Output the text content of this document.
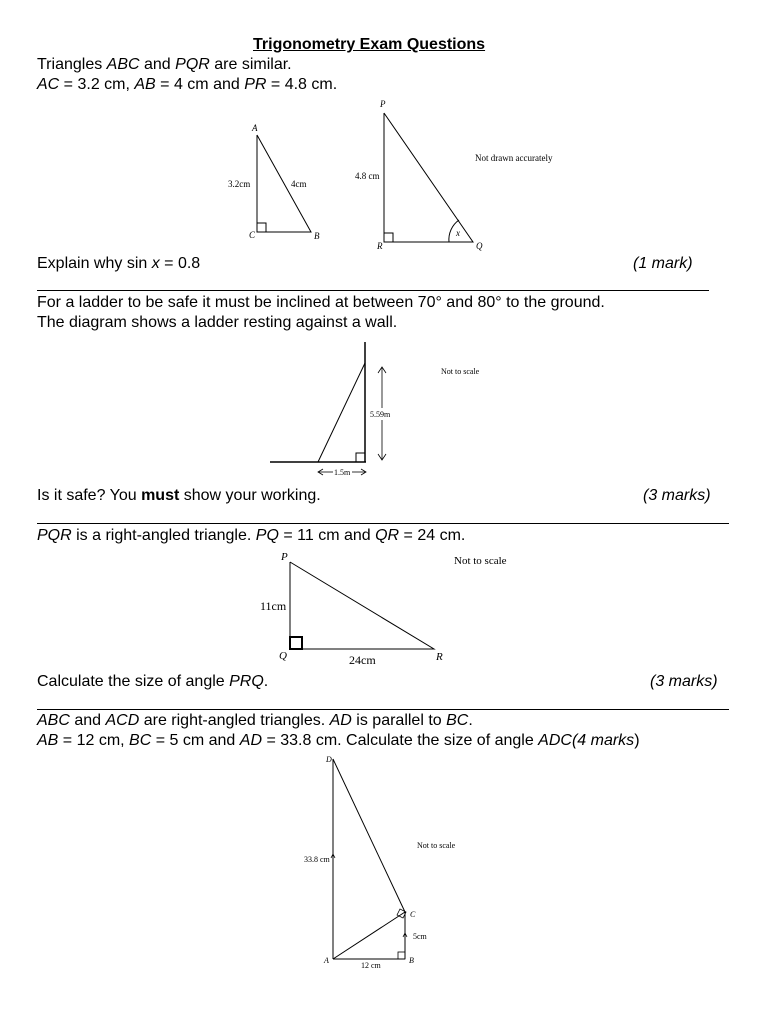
Trigonometry Exam Questions
Triangles ABC and PQR are similar.
AC = 3.2 cm, AB = 4 cm and PR = 4.8 cm.
A
C	B
3.2cm	4cm
P
R	Q
x
4.8 cm
Not drawn accurately
Explain why sin x = 0.8	(1 mark)
For a ladder to be safe it must be inclined at between 70° and 80° to the ground.
The diagram shows a ladder resting against a wall.
5.59m
1.5m
Not to scale
Is it safe? You must show your working.	(3 marks)
PQR is a right-angled triangle. PQ = 11 cm and QR = 24 cm.
P
Q	R
11cm
24cm
Not to scale
Calculate the size of angle PRQ.	(3 marks)
ABC and ACD are right-angled triangles. AD is parallel to BC.
AB = 12 cm, BC = 5 cm and AD = 33.8 cm. Calculate the size of angle ADC(4 marks)
D
A	B
C
33.8 cm
5cm
12 cm
Not to scale
